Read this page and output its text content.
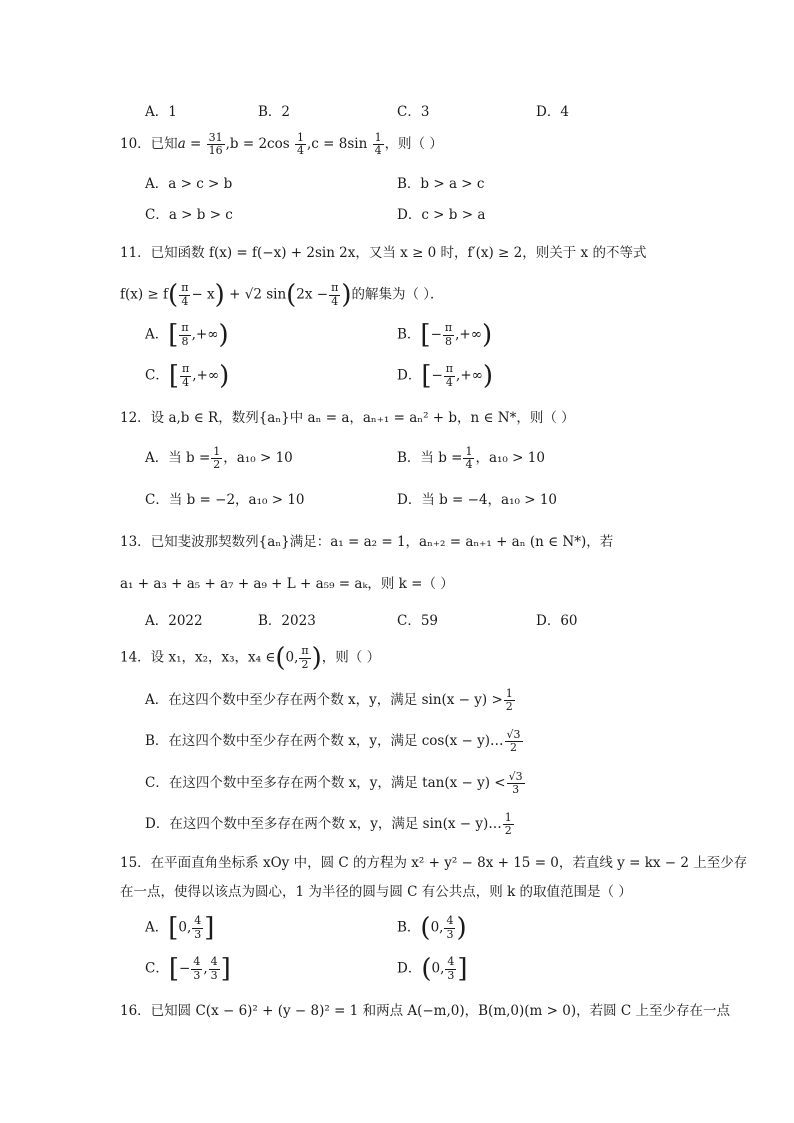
A．1	B．2	C．3	D．4
10．已知$a = \frac{31}{16} ,b = 2\cos \frac{1}{4} ,c = 8\sin \frac{1}{4}$ ，则（ ）
A．a > c > b	B．b > a > c
C．a > b > c	D．c > b > a
11．已知函数 f(x) = f(−x) + 2sin 2x，又当 x ≥ 0 时，f′(x) ≥ 2，则关于 x 的不等式
$f(x) \ge f( \frac{\pi}{4} - x) + √2$ $\sin(2x - \frac{\pi}{4}$ )的解集为（ ）．
A．[ $\frac{\pi}{8}$ ,+∞)	B．[− $\frac{\pi}{8}$ ,+∞)
C．[ $\frac{\pi}{4}$ ,+∞)	D．[− $\frac{\pi}{4}$ ,+∞)
12．设 a,b ∈ R，数列{aₙ}中 aₙ = a，aₙ₊₁ = aₙ² + b，n ∈ N*，则（ ）
A．当 $b = \frac{1}{2}$ ，a₁₀ > 10	B．当 $b = \frac{1}{4}$ ，a₁₀ > 10
C．当 b = −2，a₁₀ > 10	D．当 b = −4，a₁₀ > 10
13．已知斐波那契数列{aₙ}满足：a₁ = a₂ = 1，aₙ₊₂ = aₙ₊₁ + aₙ (n ∈ N*)，若
a₁ + a₃ + a₅ + a₇ + a₉ + L + a₅₉ = aₖ，则 k =（ ）
A．2022	B．2023	C．59	D．60
14．设 x₁，x₂，x₃，x₄ ∈(0, $\frac{\pi}{2}$ )，则（ ）
A．在这四个数中至少存在两个数 x，y，满足 $\sin(x - y) > \frac{1}{2}$
B．在这四个数中至少存在两个数 x，y，满足 cos(x − y)… $\frac{√3}{2}$
C．在这四个数中至多存在两个数 x，y，满足 $\tan(x - y) < \frac{√3}{3}$
D．在这四个数中至多存在两个数 x，y，满足 sin(x − y)… $\frac{1}{2}$
15．在平面直角坐标系 xOy 中，圆 C 的方程为 x² + y² − 8x + 15 = 0，若直线 y = kx − 2 上至少存
在一点，使得以该点为圆心，1 为半径的圆与圆 C 有公共点，则 k 的取值范围是（ ）
A．[0, $\frac{4}{3}$ ]	B．(0, $\frac{4}{3}$ )
C．[− $\frac{4}{3}$ , $\frac{4}{3}$ ]	D．(0, $\frac{4}{3}$ ]
16．已知圆 C(x − 6)² + (y − 8)² = 1 和两点 A(−m,0)，B(m,0)(m > 0)，若圆 C 上至少存在一点
